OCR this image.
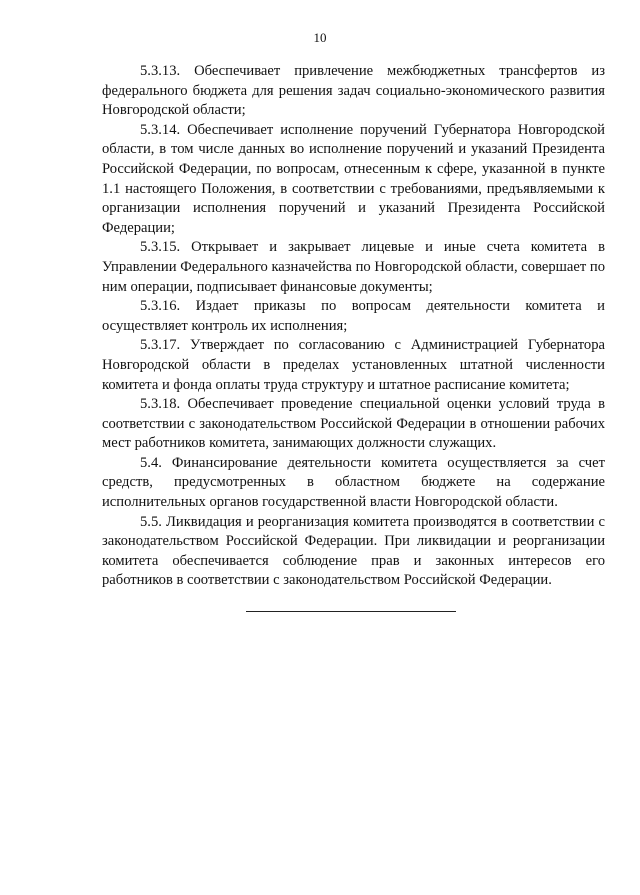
10

5.3.13. Обеспечивает привлечение межбюджетных трансфертов из федерального бюджета для решения задач социально-экономического развития Новгородской области;

5.3.14. Обеспечивает исполнение поручений Губернатора Новгородской области, в том числе данных во исполнение поручений и указаний Президента Российской Федерации, по вопросам, отнесенным к сфере, указанной в пункте 1.1 настоящего Положения, в соответствии с требованиями, предъявляемыми к организации исполнения поручений и указаний Президента Российской Федерации;

5.3.15. Открывает и закрывает лицевые и иные счета комитета в Управлении Федерального казначейства по Новгородской области, совершает по ним операции, подписывает финансовые документы;

5.3.16. Издает приказы по вопросам деятельности комитета и осуществляет контроль их исполнения;

5.3.17. Утверждает по согласованию с Администрацией Губернатора Новгородской области в пределах установленных штатной численности комитета и фонда оплаты труда структуру и штатное расписание комитета;

5.3.18. Обеспечивает проведение специальной оценки условий труда в соответствии с законодательством Российской Федерации в отношении рабочих мест работников комитета, занимающих должности служащих.

5.4. Финансирование деятельности комитета осуществляется за счет средств, предусмотренных в областном бюджете на содержание исполнительных органов государственной власти Новгородской области.

5.5. Ликвидация и реорганизация комитета производятся в соответствии с законодательством Российской Федерации. При ликвидации и реорганизации комитета обеспечивается соблюдение прав и законных интересов его работников в соответствии с законодательством Российской Федерации.
